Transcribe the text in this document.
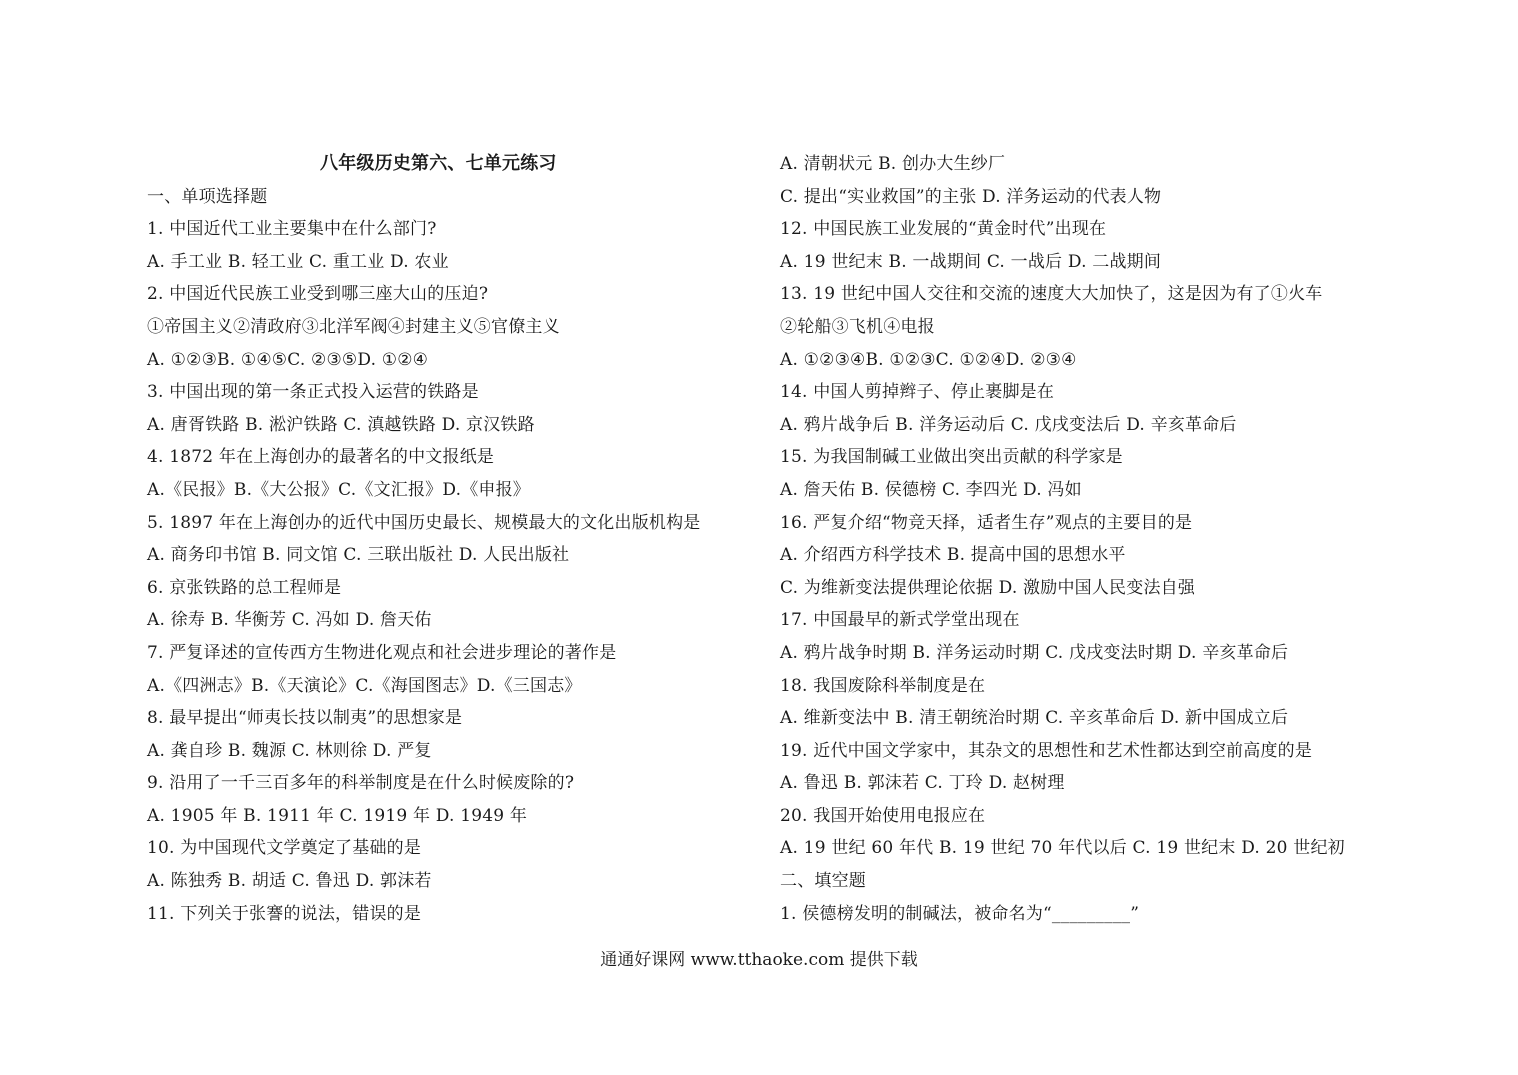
八年级历史第六、七单元练习
一、单项选择题
1. 中国近代工业主要集中在什么部门?
A. 手工业 B. 轻工业 C. 重工业 D. 农业
2. 中国近代民族工业受到哪三座大山的压迫?
①帝国主义②清政府③北洋军阀④封建主义⑤官僚主义
A. ①②③B. ①④⑤C. ②③⑤D. ①②④
3. 中国出现的第一条正式投入运营的铁路是
A. 唐胥铁路 B. 淞沪铁路 C. 滇越铁路 D. 京汉铁路
4. 1872 年在上海创办的最著名的中文报纸是
A.《民报》B.《大公报》C.《文汇报》D.《申报》
5. 1897 年在上海创办的近代中国历史最长、规模最大的文化出版机构是
A. 商务印书馆 B. 同文馆 C. 三联出版社 D. 人民出版社
6. 京张铁路的总工程师是
A. 徐寿 B. 华衡芳 C. 冯如 D. 詹天佑
7. 严复译述的宣传西方生物进化观点和社会进步理论的著作是
A.《四洲志》B.《天演论》C.《海国图志》D.《三国志》
8. 最早提出“师夷长技以制夷”的思想家是
A. 龚自珍 B. 魏源 C. 林则徐 D. 严复
9. 沿用了一千三百多年的科举制度是在什么时候废除的?
A. 1905 年 B. 1911 年 C. 1919 年 D. 1949 年
10. 为中国现代文学奠定了基础的是
A. 陈独秀 B. 胡适 C. 鲁迅 D. 郭沫若
11. 下列关于张謇的说法，错误的是
A. 清朝状元 B. 创办大生纱厂
C. 提出“实业救国”的主张 D. 洋务运动的代表人物
12. 中国民族工业发展的“黄金时代”出现在
A. 19 世纪末 B. 一战期间 C. 一战后 D. 二战期间
13. 19 世纪中国人交往和交流的速度大大加快了，这是因为有了①火车
②轮船③飞机④电报
A. ①②③④B. ①②③C. ①②④D. ②③④
14. 中国人剪掉辫子、停止裹脚是在
A. 鸦片战争后 B. 洋务运动后 C. 戊戌变法后 D. 辛亥革命后
15. 为我国制碱工业做出突出贡献的科学家是
A. 詹天佑 B. 侯德榜 C. 李四光 D. 冯如
16. 严复介绍“物竞天择，适者生存”观点的主要目的是
A. 介绍西方科学技术 B. 提高中国的思想水平
C. 为维新变法提供理论依据 D. 激励中国人民变法自强
17. 中国最早的新式学堂出现在
A. 鸦片战争时期 B. 洋务运动时期 C. 戊戌变法时期 D. 辛亥革命后
18. 我国废除科举制度是在
A. 维新变法中 B. 清王朝统治时期 C. 辛亥革命后 D. 新中国成立后
19. 近代中国文学家中，其杂文的思想性和艺术性都达到空前高度的是
A. 鲁迅 B. 郭沫若 C. 丁玲 D. 赵树理
20. 我国开始使用电报应在
A. 19 世纪 60 年代 B. 19 世纪 70 年代以后 C. 19 世纪末 D. 20 世纪初
二、填空题
1. 侯德榜发明的制碱法，被命名为“_________”
通通好课网 www.tthaoke.com 提供下载
